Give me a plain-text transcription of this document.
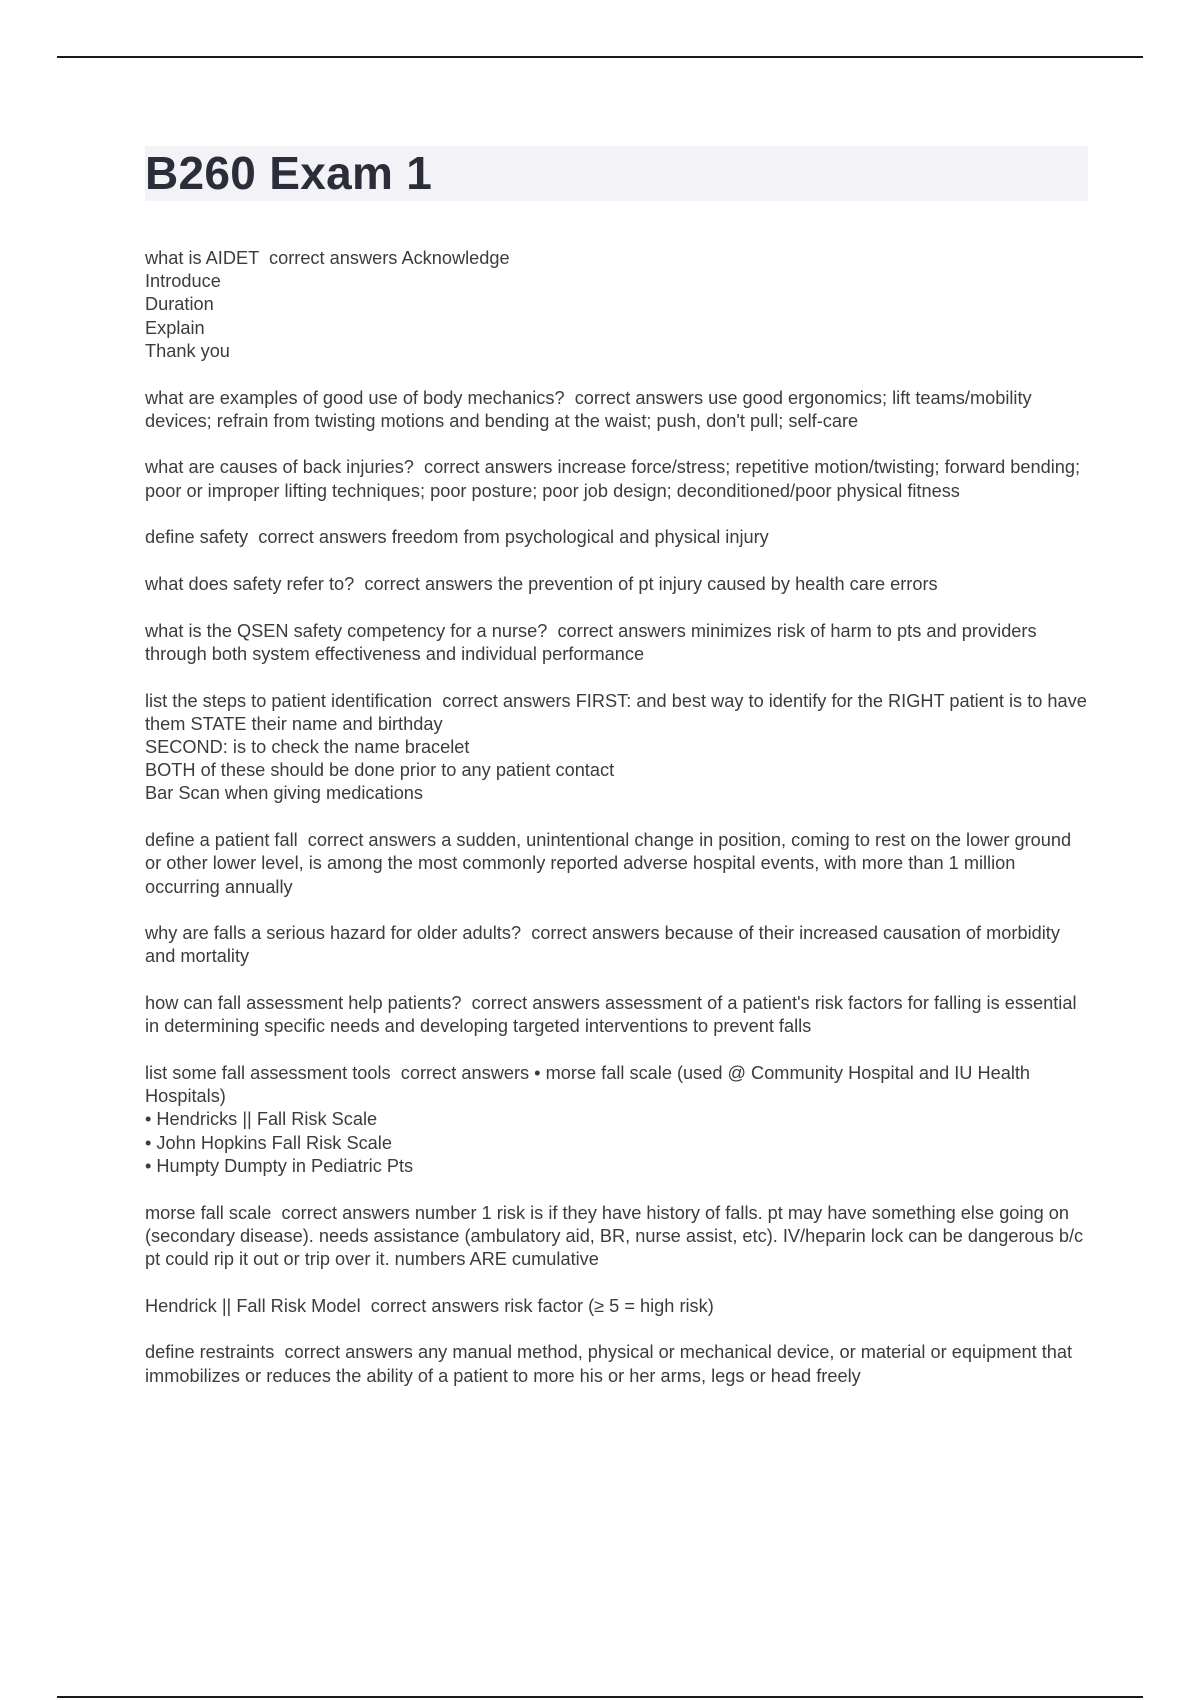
B260 Exam 1
what is AIDET correct answers Acknowledge
Introduce
Duration
Explain
Thank you
what are examples of good use of body mechanics? correct answers use good ergonomics; lift teams/mobility devices; refrain from twisting motions and bending at the waist; push, don't pull; self-care
what are causes of back injuries? correct answers increase force/stress; repetitive motion/twisting; forward bending; poor or improper lifting techniques; poor posture; poor job design; deconditioned/poor physical fitness
define safety correct answers freedom from psychological and physical injury
what does safety refer to? correct answers the prevention of pt injury caused by health care errors
what is the QSEN safety competency for a nurse? correct answers minimizes risk of harm to pts and providers through both system effectiveness and individual performance
list the steps to patient identification correct answers FIRST: and best way to identify for the RIGHT patient is to have them STATE their name and birthday
SECOND: is to check the name bracelet
BOTH of these should be done prior to any patient contact
Bar Scan when giving medications
define a patient fall correct answers a sudden, unintentional change in position, coming to rest on the lower ground or other lower level, is among the most commonly reported adverse hospital events, with more than 1 million occurring annually
why are falls a serious hazard for older adults? correct answers because of their increased causation of morbidity and mortality
how can fall assessment help patients? correct answers assessment of a patient's risk factors for falling is essential in determining specific needs and developing targeted interventions to prevent falls
list some fall assessment tools correct answers • morse fall scale (used @ Community Hospital and IU Health Hospitals)
• Hendricks || Fall Risk Scale
• John Hopkins Fall Risk Scale
• Humpty Dumpty in Pediatric Pts
morse fall scale correct answers number 1 risk is if they have history of falls. pt may have something else going on (secondary disease). needs assistance (ambulatory aid, BR, nurse assist, etc). IV/heparin lock can be dangerous b/c pt could rip it out or trip over it. numbers ARE cumulative
Hendrick || Fall Risk Model correct answers risk factor (≥ 5 = high risk)
define restraints correct answers any manual method, physical or mechanical device, or material or equipment that immobilizes or reduces the ability of a patient to more his or her arms, legs or head freely
